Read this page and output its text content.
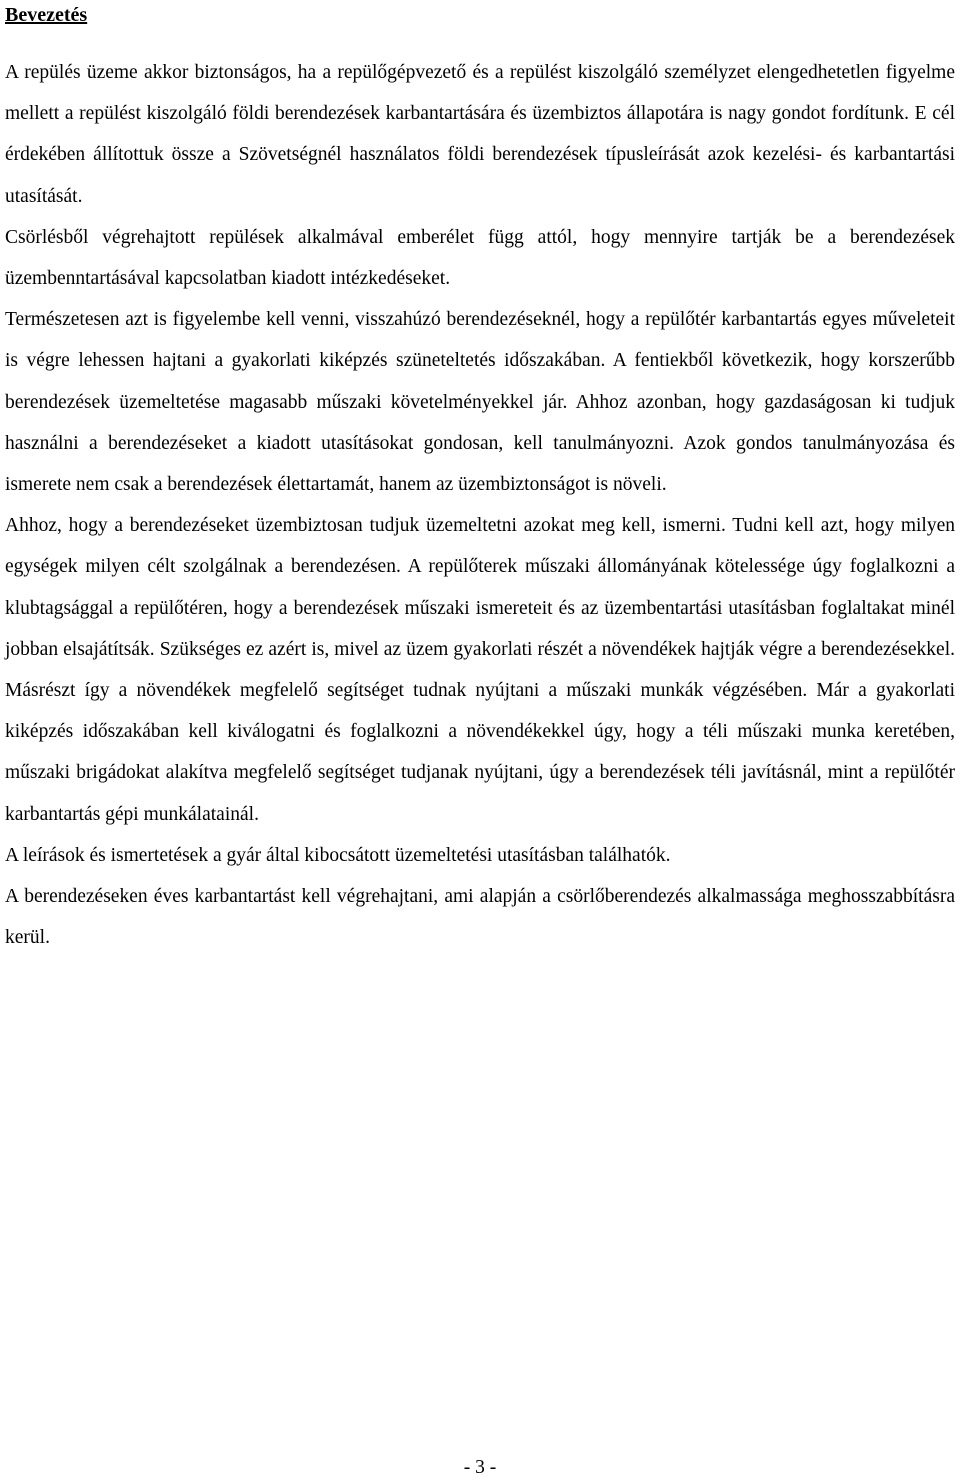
Bevezetés

A repülés üzeme akkor biztonságos, ha a repülőgépvezető és a repülést kiszolgáló személyzet elengedhetetlen figyelme mellett a repülést kiszolgáló földi berendezések karbantartására és üzembiztos állapotára is nagy gondot fordítunk. E cél érdekében állítottuk össze a Szövetségnél használatos földi berendezések típusleírását azok kezelési- és karbantartási utasítását.

Csörlésből végrehajtott repülések alkalmával emberélet függ attól, hogy mennyire tartják be a berendezések üzembenntartásával kapcsolatban kiadott intézkedéseket.

Természetesen azt is figyelembe kell venni, visszahúzó berendezéseknél, hogy a repülőtér karbantartás egyes műveleteit is végre lehessen hajtani a gyakorlati kiképzés szüneteltetés időszakában. A fentiekből következik, hogy korszerűbb berendezések üzemeltetése magasabb műszaki követelményekkel jár. Ahhoz azonban, hogy gazdaságosan ki tudjuk használni a berendezéseket a kiadott utasításokat gondosan, kell tanulmányozni. Azok gondos tanulmányozása és ismerete nem csak a berendezések élettartamát, hanem az üzembiztonságot is növeli.

Ahhoz, hogy a berendezéseket üzembiztosan tudjuk üzemeltetni azokat meg kell, ismerni. Tudni kell azt, hogy milyen egységek milyen célt szolgálnak a berendezésen. A repülőterek műszaki állományának kötelessége úgy foglalkozni a klubtagsággal a repülőtéren, hogy a berendezések műszaki ismereteit és az üzembentartási utasításban foglaltakat minél jobban elsajátítsák. Szükséges ez azért is, mivel az üzem gyakorlati részét a növendékek hajtják végre a berendezésekkel. Másrészt így a növendékek megfelelő segítséget tudnak nyújtani a műszaki munkák végzésében. Már a gyakorlati kiképzés időszakában kell kiválogatni és foglalkozni a növendékekkel úgy, hogy a téli műszaki munka keretében, műszaki brigádokat alakítva megfelelő segítséget tudjanak nyújtani, úgy a berendezések téli javításnál, mint a repülőtér karbantartás gépi munkálatainál.

A leírások és ismertetések a gyár által kibocsátott üzemeltetési utasításban találhatók.

A berendezéseken éves karbantartást kell végrehajtani, ami alapján a csörlőberendezés alkalmassága meghosszabbításra kerül.

- 3 -
